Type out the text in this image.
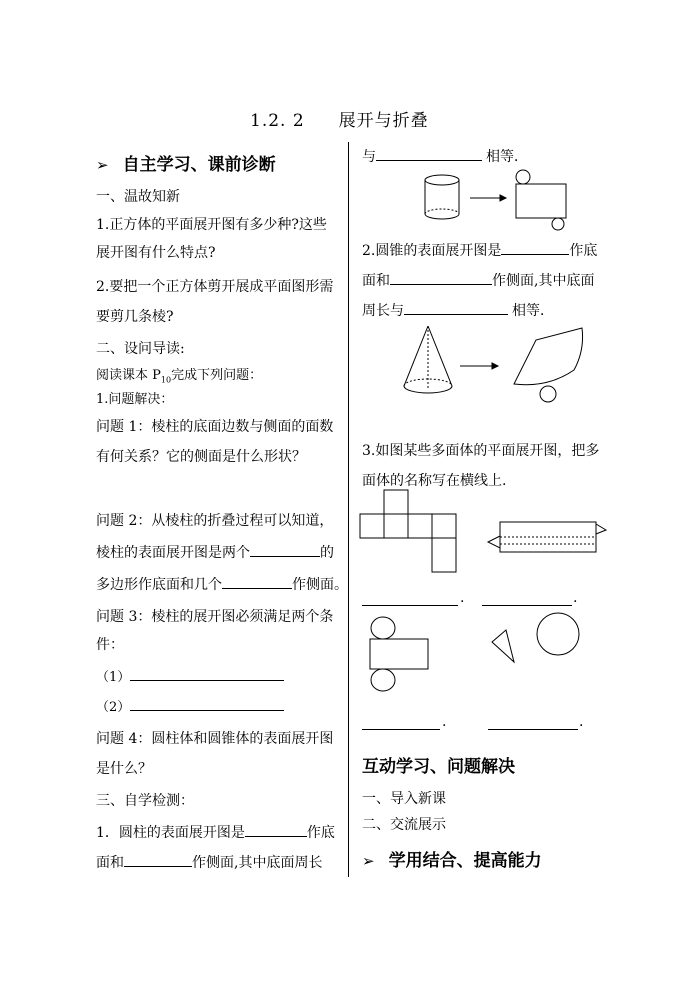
1.2. 2 展开与折叠
➢ 自主学习、课前诊断
一、温故知新
1.正方体的平面展开图有多少种?这些
展开图有什么特点?
2.要把一个正方体剪开展成平面图形需
要剪几条棱?
二、设问导读:
阅读课本 $P_{10}$完成下列问题：
1.问题解决：
问题 1：棱柱的底面边数与侧面的面数
有何关系？它的侧面是什么形状？
问题 2：从棱柱的折叠过程可以知道，
棱柱的表面展开图是两个	的
多边形作底面和几个	作侧面。
问题 3：棱柱的展开图必须满足两个条
件：
（1）
（2）
问题 4：圆柱体和圆锥体的表面展开图
是什么？
三、自学检测：
1．圆柱的表面展开图是	作底
面和	作侧面,其中底面周长
与	相等．
2.圆锥的表面展开图是	作底
面和	作侧面,其中底面
周长与	相等．
3.如图某些多面体的平面展开图，把多
面体的名称写在横线上.
.	.
.	.
互动学习、问题解决
一、导入新课
二、交流展示
➢ 学用结合、提高能力
